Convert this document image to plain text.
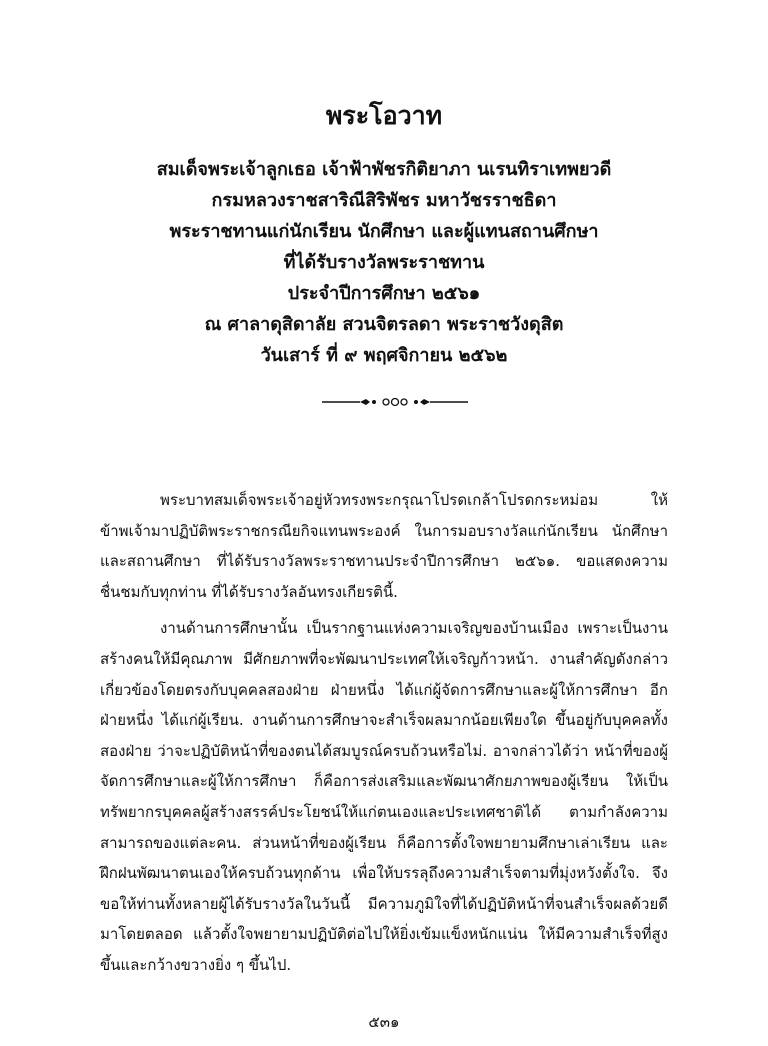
พระโอวาท
สมเด็จพระเจ้าลูกเธอ เจ้าฟ้าพัชรกิติยาภา นเรนทิราเทพยวดี
กรมหลวงราชสาริณีสิริพัชร มหาวัชรราชธิดา
พระราชทานแก่นักเรียน นักศึกษา และผู้แทนสถานศึกษา
ที่ได้รับรางวัลพระราชทาน
ประจำปีการศึกษา ๒๕๖๑
ณ ศาลาดุสิดาลัย สวนจิตรลดา พระราชวังดุสิต
วันเสาร์ ที่ ๙ พฤศจิกายน ๒๕๖๒

พระบาทสมเด็จพระเจ้าอยู่หัวทรงพระกรุณาโปรดเกล้าโปรดกระหม่อม ให้ข้าพเจ้ามาปฏิบัติพระราชกรณียกิจแทนพระองค์ ในการมอบรางวัลแก่นักเรียน นักศึกษา และสถานศึกษา ที่ได้รับรางวัลพระราชทานประจำปีการศึกษา ๒๕๖๑. ขอแสดงความชื่นชมกับทุกท่าน ที่ได้รับรางวัลอันทรงเกียรตินี้.

งานด้านการศึกษานั้น เป็นรากฐานแห่งความเจริญของบ้านเมือง เพราะเป็นงานสร้างคนให้มีคุณภาพ มีศักยภาพที่จะพัฒนาประเทศให้เจริญก้าวหน้า. งานสำคัญดังกล่าว เกี่ยวข้องโดยตรงกับบุคคลสองฝ่าย ฝ่ายหนึ่ง ได้แก่ผู้จัดการศึกษาและผู้ให้การศึกษา อีกฝ่ายหนึ่ง ได้แก่ผู้เรียน. งานด้านการศึกษาจะสำเร็จผลมากน้อยเพียงใด ขึ้นอยู่กับบุคคลทั้งสองฝ่าย ว่าจะปฏิบัติหน้าที่ของตนได้สมบูรณ์ครบถ้วนหรือไม่. อาจกล่าวได้ว่า หน้าที่ของผู้จัดการศึกษาและผู้ให้การศึกษา ก็คือการส่งเสริมและพัฒนาศักยภาพของผู้เรียน ให้เป็นทรัพยากรบุคคลผู้สร้างสรรค์ประโยชน์ให้แก่ตนเองและประเทศชาติได้ ตามกำลังความสามารถของแต่ละคน. ส่วนหน้าที่ของผู้เรียน ก็คือการตั้งใจพยายามศึกษาเล่าเรียน และฝึกฝนพัฒนาตนเองให้ครบถ้วนทุกด้าน เพื่อให้บรรลุถึงความสำเร็จตามที่มุ่งหวังตั้งใจ. จึงขอให้ท่านทั้งหลายผู้ได้รับรางวัลในวันนี้ มีความภูมิใจที่ได้ปฏิบัติหน้าที่จนสำเร็จผลด้วยดีมาโดยตลอด แล้วตั้งใจพยายามปฏิบัติต่อไปให้ยิ่งเข้มแข็งหนักแน่น ให้มีความสำเร็จที่สูงขึ้นและกว้างขวางยิ่ง ๆ ขึ้นไป.

๕๓๑
